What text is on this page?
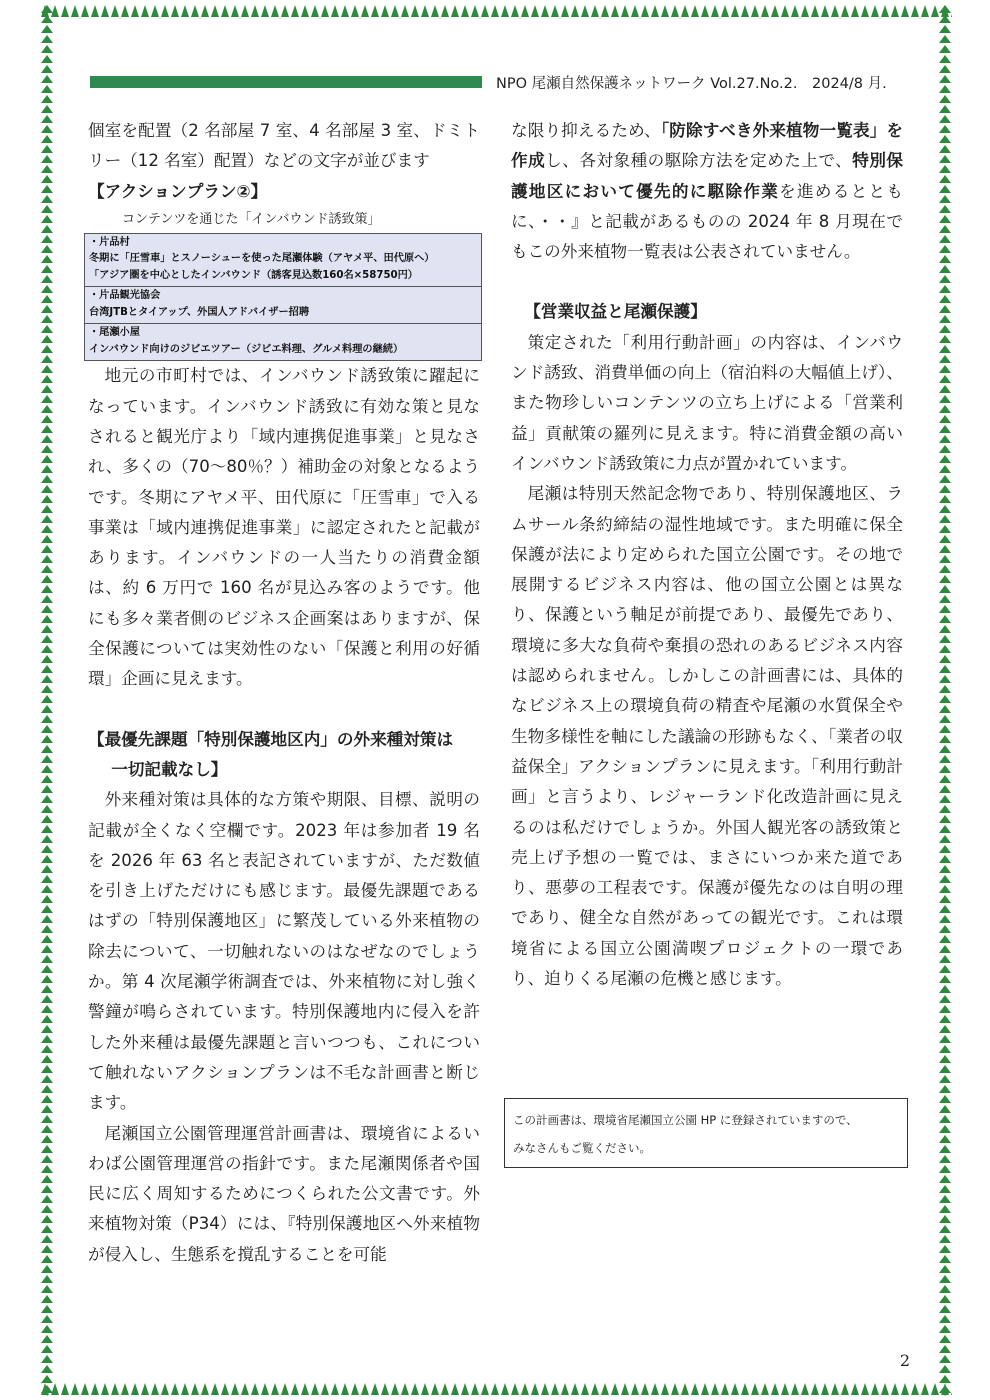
NPO 尾瀬自然保護ネットワーク Vol.27.No.2.　2024/8 月.

個室を配置（2 名部屋 7 室、4 名部屋 3 室、ドミトリー（12 名室）配置）などの文字が並びます

【アクションプラン②】

コンテンツを通じた「インバウンド誘致策」

・片品村
冬期に「圧雪車」とスノーシューを使った尾瀬体験（アヤメ平、田代原へ）
「アジア圏を中心としたインバウンド（誘客見込数160名×58750円）
・片品観光協会
台湾JTBとタイアップ、外国人アドバイザー招聘
・尾瀬小屋
インバウンド向けのジビエツアー（ジビエ料理、グルメ料理の継続）

地元の市町村では、インバウンド誘致策に躍起になっています。インバウンド誘致に有効な策と見なされると観光庁より「域内連携促進事業」と見なされ、多くの（70～80％？）補助金の対象となるようです。冬期にアヤメ平、田代原に「圧雪車」で入る事業は「域内連携促進事業」に認定されたと記載があります。インバウンドの一人当たりの消費金額は、約 6 万円で 160 名が見込み客のようです。他にも多々業者側のビジネス企画案はありますが、保全保護については実効性のない「保護と利用の好循環」企画に見えます。

【最優先課題「特別保護地区内」の外来種対策は

一切記載なし】

外来種対策は具体的な方策や期限、目標、説明の記載が全くなく空欄です。2023 年は参加者 19 名を 2026 年 63 名と表記されていますが、ただ数値を引き上げただけにも感じます。最優先課題であるはずの「特別保護地区」に繁茂している外来植物の除去について、一切触れないのはなぜなのでしょうか。第 4 次尾瀬学術調査では、外来植物に対し強く警鐘が鳴らされています。特別保護地内に侵入を許した外来種は最優先課題と言いつつも、これについて触れないアクションプランは不毛な計画書と断じます。

尾瀬国立公園管理運営計画書は、環境省によるいわば公園管理運営の指針です。また尾瀬関係者や国民に広く周知するためにつくられた公文書です。外来植物対策（P34）には、『特別保護地区へ外来植物が侵入し、生態系を撹乱することを可能

な限り抑えるため、「防除すべき外来植物一覧表」を作成し、各対象種の駆除方法を定めた上で、特別保護地区において優先的に駆除作業を進めるとともに、・・』と記載があるものの 2024 年 8 月現在でもこの外来植物一覧表は公表されていません。

【営業収益と尾瀬保護】

策定された「利用行動計画」の内容は、インバウンド誘致、消費単価の向上（宿泊料の大幅値上げ）、また物珍しいコンテンツの立ち上げによる「営業利益」貢献策の羅列に見えます。特に消費金額の高いインバウンド誘致策に力点が置かれています。

尾瀬は特別天然記念物であり、特別保護地区、ラムサール条約締結の湿性地域です。また明確に保全保護が法により定められた国立公園です。その地で展開するビジネス内容は、他の国立公園とは異なり、保護という軸足が前提であり、最優先であり、環境に多大な負荷や棄損の恐れのあるビジネス内容は認められません。しかしこの計画書には、具体的なビジネス上の環境負荷の精査や尾瀬の水質保全や生物多様性を軸にした議論の形跡もなく、「業者の収益保全」アクションプランに見えます。「利用行動計画」と言うより、レジャーランド化改造計画に見えるのは私だけでしょうか。外国人観光客の誘致策と売上げ予想の一覧では、まさにいつか来た道であり、悪夢の工程表です。保護が優先なのは自明の理であり、健全な自然があっての観光です。これは環境省による国立公園満喫プロジェクトの一環であり、迫りくる尾瀬の危機と感じます。

この計画書は、環境省尾瀬国立公園 HP に登録されていますので、
みなさんもご覧ください。
2
